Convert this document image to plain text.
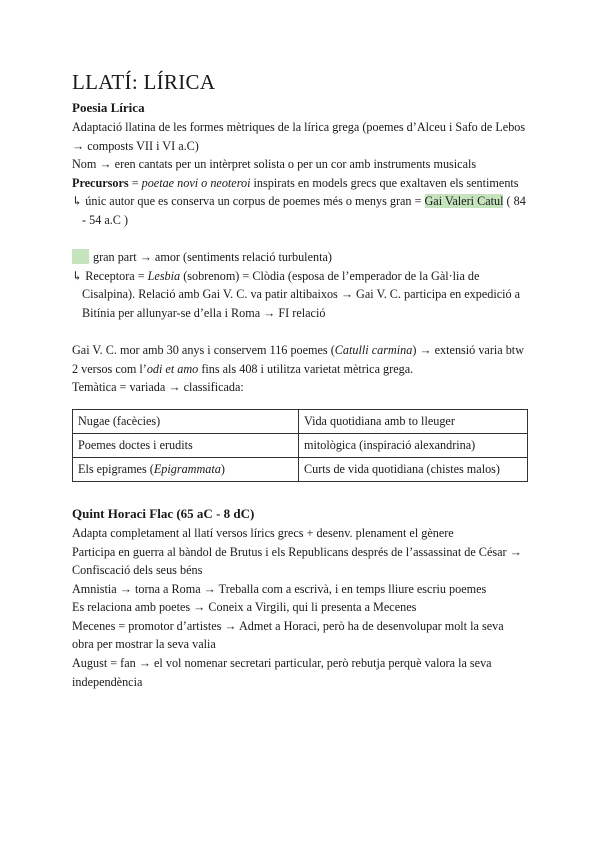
LLATÍ: LÍRICA
Poesia Lírica

Adaptació llatina de les formes mètriques de la lírica grega (poemes d’Alceu i Safo de Lebos → composts VII i VI a.C)

Nom → eren cantats per un intèrpret solista o per un cor amb instruments musicals

Precursors = poetae novi o neoteroi inspirats en models grecs que exaltaven els sentiments

↳ únic autor que es conserva un corpus de poemes més o menys gran = Gai Valeri Catul ( 84 - 54 a.C )

gran part → amor (sentiments relació turbulenta)

↳ Receptora = Lesbia (sobrenom) = Clòdia (esposa de l’emperador de la Gàl·lia de Cisalpina). Relació amb Gai V. C. va patir altibaixos → Gai V. C. participa en expedició a Bitínia per allunyar-se d’ella i Roma → FI relació

Gai V. C. mor amb 30 anys i conservem 116 poemes (Catulli carmina) → extensió varia btw 2 versos com l’odi et amo fins als 408 i utilitza varietat mètrica grega.

Temàtica = variada → classificada:

Nugae (facècies)	Vida quotidiana amb to lleuger
Poemes doctes i erudits	mitològica (inspiració alexandrina)
Els epigrames (Epigrammata)	Curts de vida quotidiana (chistes malos)
Quint Horaci Flac (65 aC - 8 dC)

Adapta completament al llatí versos lírics grecs + desenv. plenament el gènere

Participa en guerra al bàndol de Brutus i els Republicans després de l’assassinat de César → Confiscació dels seus béns

Amnistia → torna a Roma → Treballa com a escrivà, i en temps lliure escriu poemes

Es relaciona amb poetes → Coneix a Virgili, qui li presenta a Mecenes

Mecenes = promotor d’artistes → Admet a Horaci, però ha de desenvolupar molt la seva obra per mostrar la seva valia

August = fan → el vol nomenar secretari particular, però rebutja perquè valora la seva independència
